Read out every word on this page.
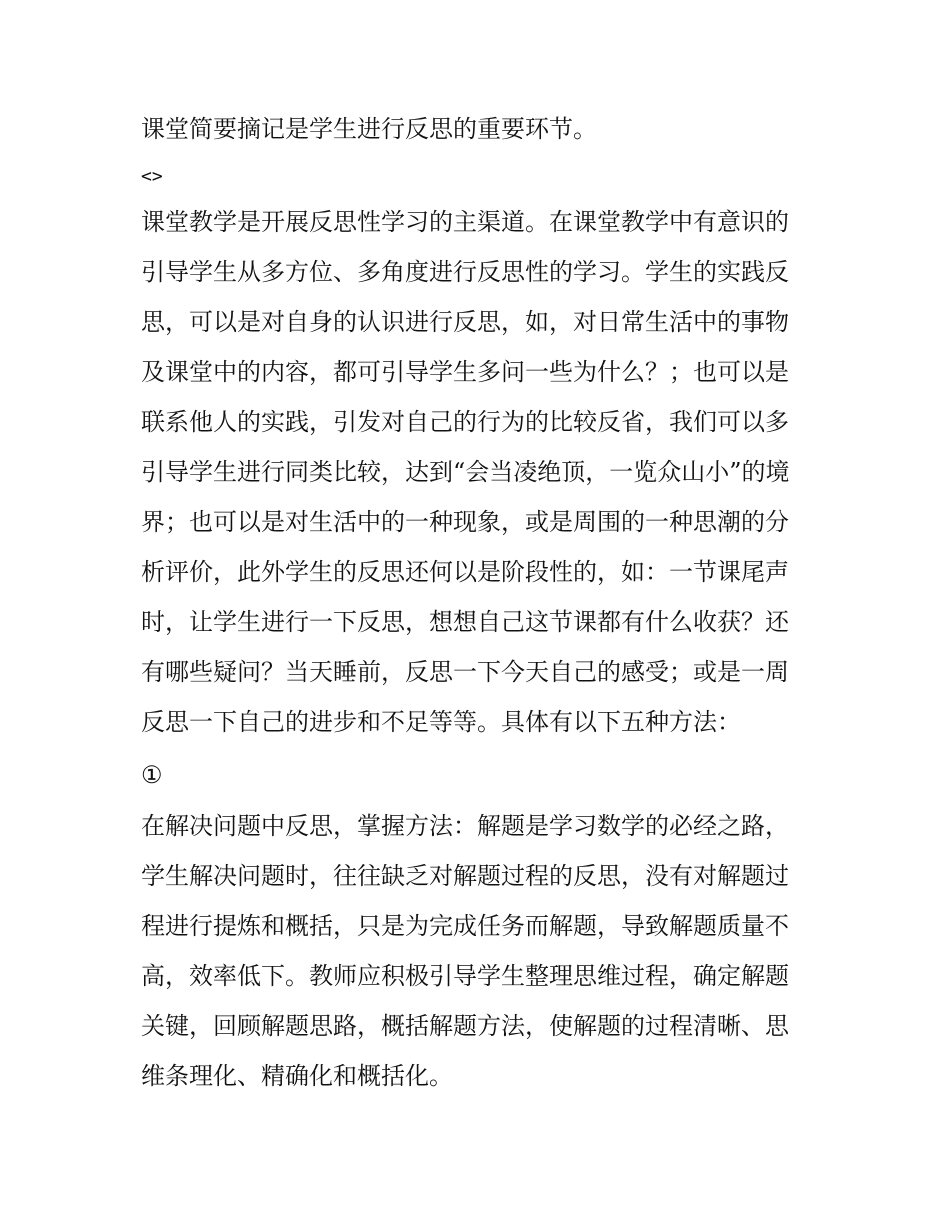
课堂简要摘记是学生进行反思的重要环节。
<>
课堂教学是开展反思性学习的主渠道。在课堂教学中有意识的
引导学生从多方位、多角度进行反思性的学习。学生的实践反
思，可以是对自身的认识进行反思，如，对日常生活中的事物
及课堂中的内容，都可引导学生多问一些为什么？；也可以是
联系他人的实践，引发对自己的行为的比较反省，我们可以多
引导学生进行同类比较，达到“会当凌绝顶，一览众山小”的境
界；也可以是对生活中的一种现象，或是周围的一种思潮的分
析评价，此外学生的反思还何以是阶段性的，如：一节课尾声
时，让学生进行一下反思，想想自己这节课都有什么收获？还
有哪些疑问？当天睡前，反思一下今天自己的感受；或是一周
反思一下自己的进步和不足等等。具体有以下五种方法：
①
在解决问题中反思，掌握方法：解题是学习数学的必经之路，
学生解决问题时，往往缺乏对解题过程的反思，没有对解题过
程进行提炼和概括，只是为完成任务而解题，导致解题质量不
高，效率低下。教师应积极引导学生整理思维过程，确定解题
关键，回顾解题思路，概括解题方法，使解题的过程清晰、思
维条理化、精确化和概括化。
